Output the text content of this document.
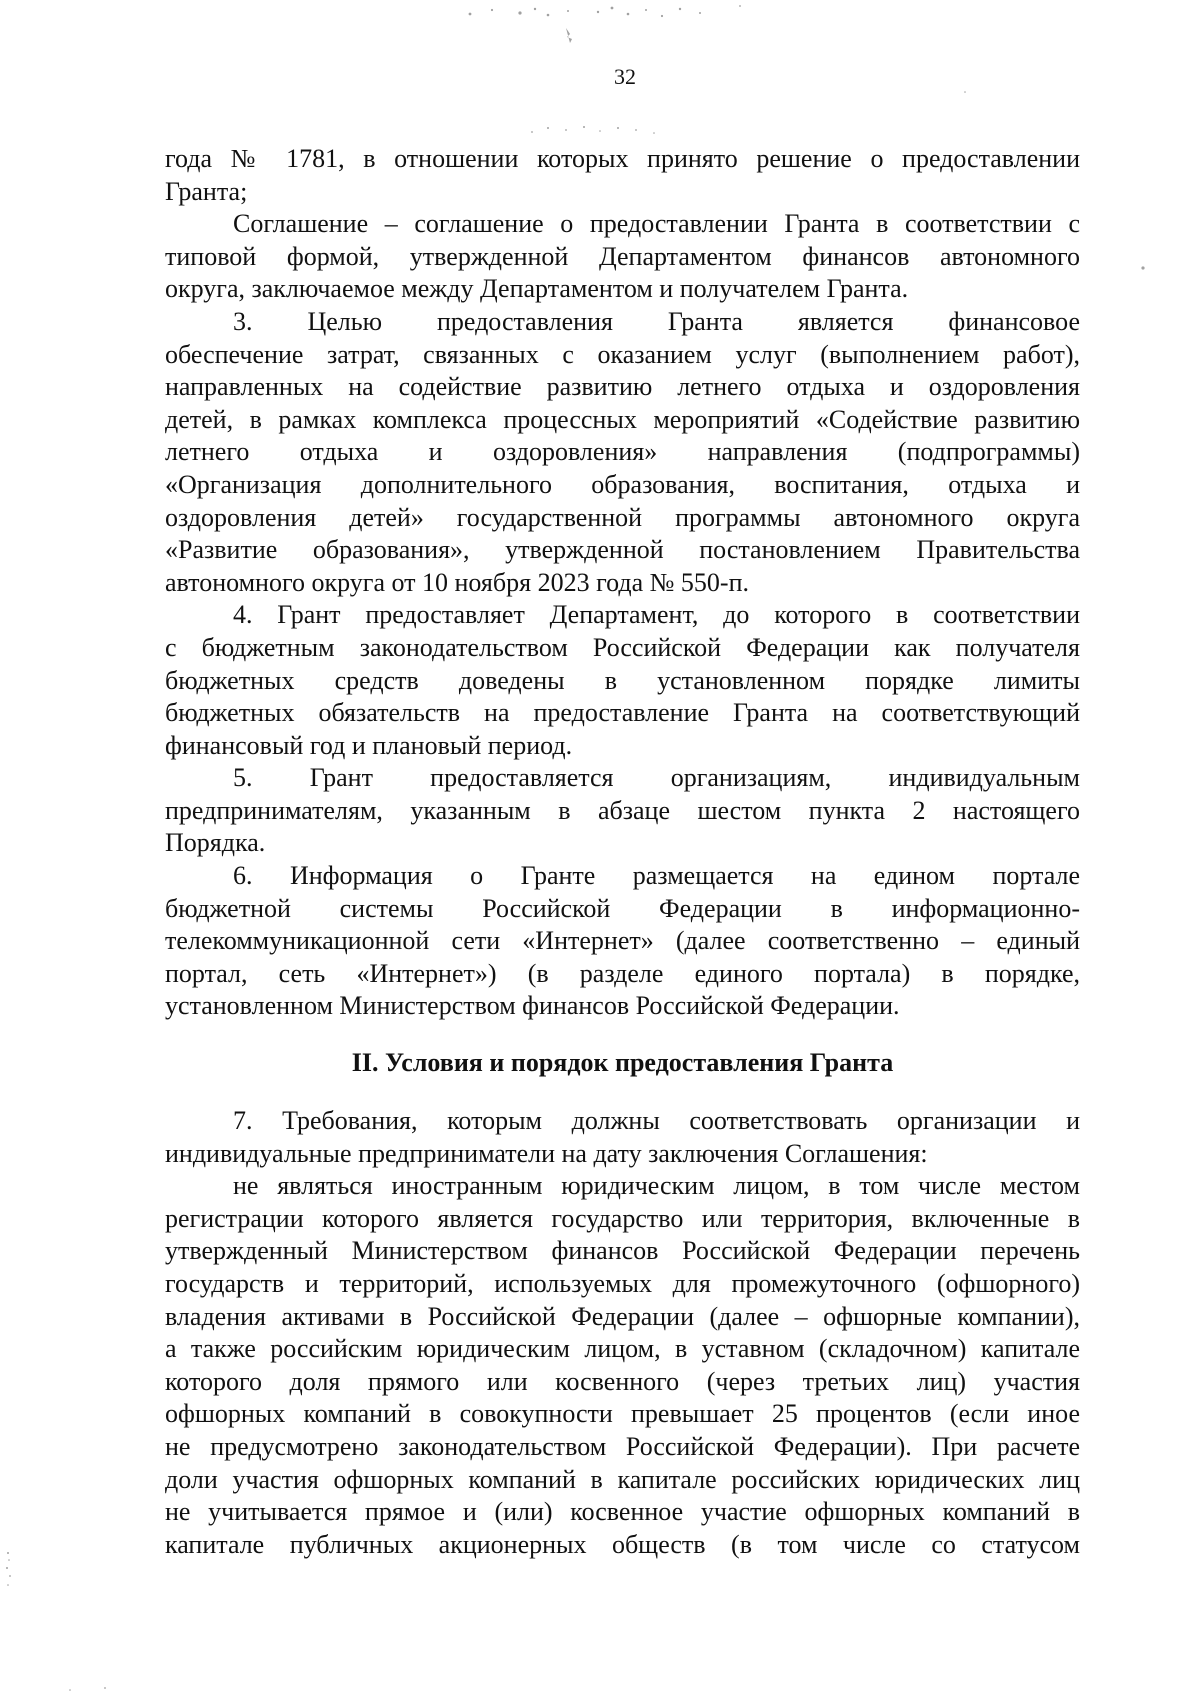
32

года № 1781, в отношении которых принято решение о предоставлении
Гранта;

Соглашение – соглашение о предоставлении Гранта в соответствии с
типовой формой, утвержденной Департаментом финансов автономного
округа, заключаемое между Департаментом и получателем Гранта.

3. Целью предоставления Гранта является финансовое
обеспечение затрат, связанных с оказанием услуг (выполнением работ),
направленных на содействие развитию летнего отдыха и оздоровления
детей, в рамках комплекса процессных мероприятий «Содействие развитию
летнего отдыха и оздоровления» направления (подпрограммы)
«Организация дополнительного образования, воспитания, отдыха и
оздоровления детей» государственной программы автономного округа
«Развитие образования», утвержденной постановлением Правительства
автономного округа от 10 ноября 2023 года № 550-п.

4. Грант предоставляет Департамент, до которого в соответствии
с бюджетным законодательством Российской Федерации как получателя
бюджетных средств доведены в установленном порядке лимиты
бюджетных обязательств на предоставление Гранта на соответствующий
финансовый год и плановый период.

5. Грант предоставляется организациям, индивидуальным
предпринимателям, указанным в абзаце шестом пункта 2 настоящего
Порядка.

6. Информация о Гранте размещается на едином портале
бюджетной системы Российской Федерации в информационно-
телекоммуникационной сети «Интернет» (далее соответственно – единый
портал, сеть «Интернет») (в разделе единого портала) в порядке,
установленном Министерством финансов Российской Федерации.

II. Условия и порядок предоставления Гранта

7. Требования, которым должны соответствовать организации и
индивидуальные предприниматели на дату заключения Соглашения:

не являться иностранным юридическим лицом, в том числе местом
регистрации которого является государство или территория, включенные в
утвержденный Министерством финансов Российской Федерации перечень
государств и территорий, используемых для промежуточного (офшорного)
владения активами в Российской Федерации (далее – офшорные компании),
а также российским юридическим лицом, в уставном (складочном) капитале
которого доля прямого или косвенного (через третьих лиц) участия
офшорных компаний в совокупности превышает 25 процентов (если иное
не предусмотрено законодательством Российской Федерации). При расчете
доли участия офшорных компаний в капитале российских юридических лиц
не учитывается прямое и (или) косвенное участие офшорных компаний в
капитале публичных акционерных обществ (в том числе со статусом
